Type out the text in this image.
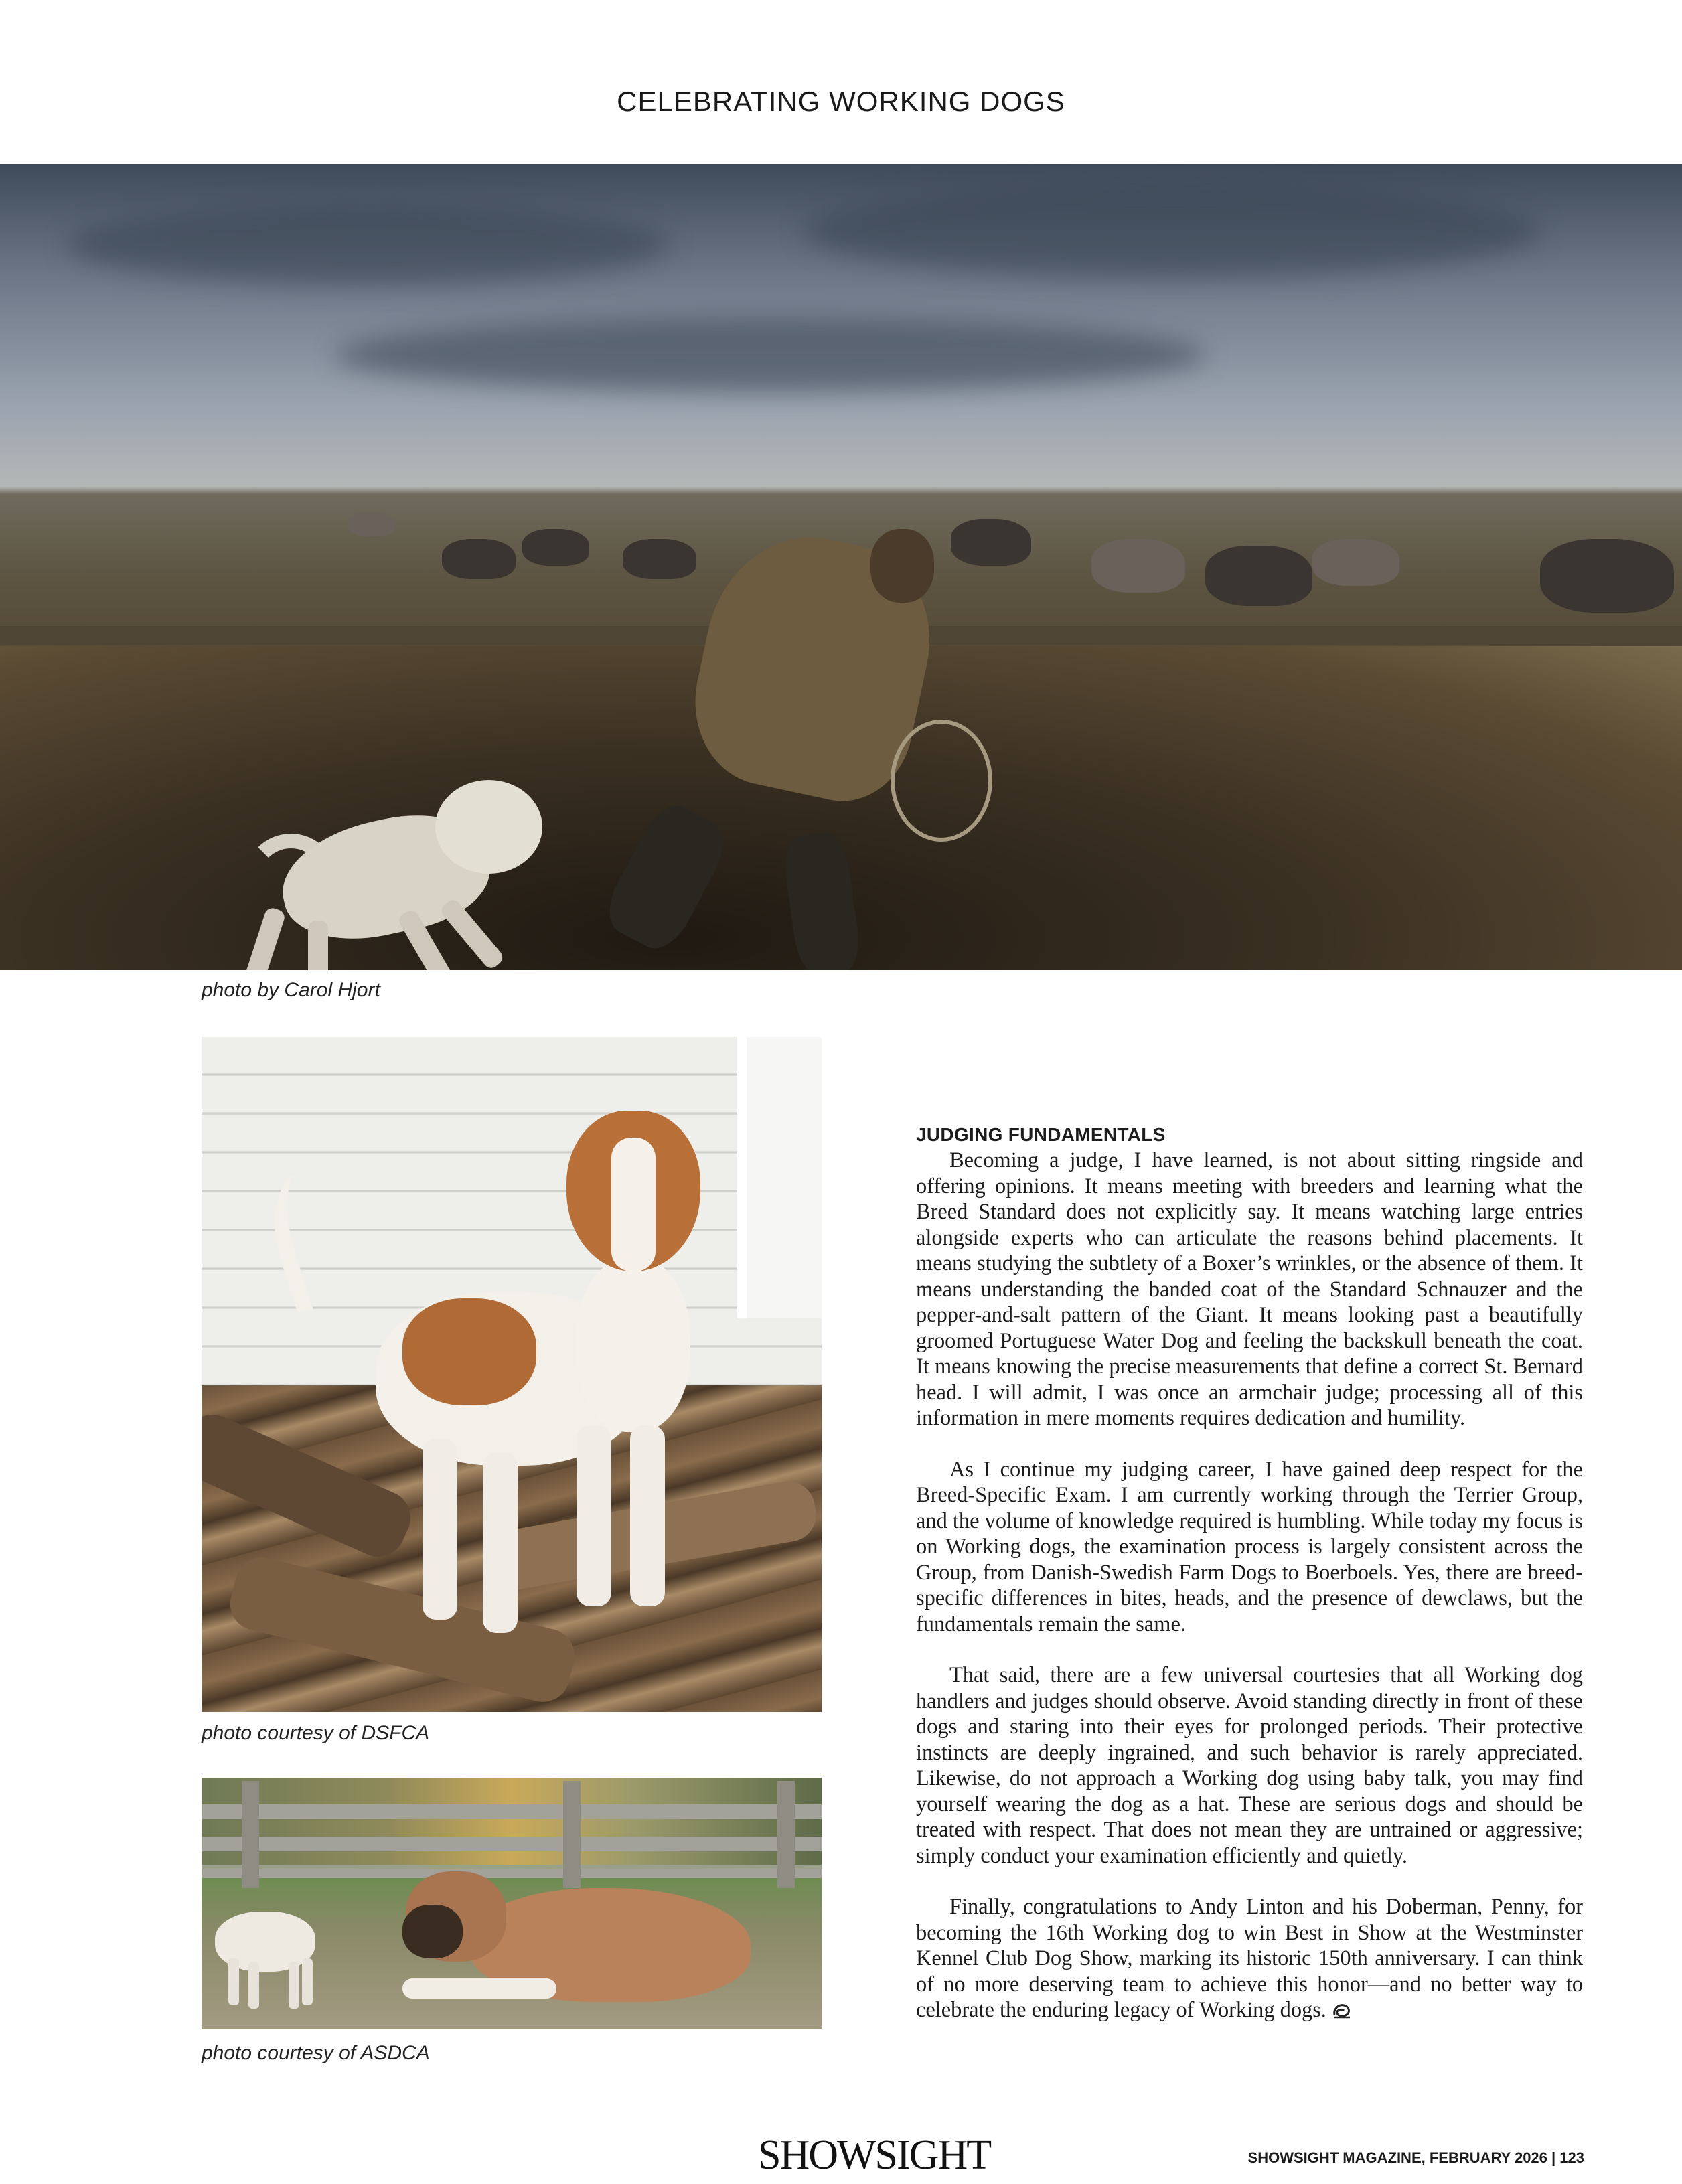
CELEBRATING WORKING DOGS
photo by Carol Hjort
photo courtesy of DSFCA
photo courtesy of ASDCA
JUDGING FUNDAMENTALS

Becoming a judge, I have learned, is not about sitting ringside and offering opinions. It means meeting with breeders and learning what the Breed Standard does not explicitly say. It means watching large entries alongside experts who can articulate the reasons behind placements. It means studying the subtlety of a Boxer’s wrinkles, or the absence of them. It means understanding the banded coat of the Standard Schnauzer and the pepper-and-salt pattern of the Giant. It means looking past a beautifully groomed Portuguese Water Dog and feeling the backskull beneath the coat. It means knowing the precise measurements that define a correct St. Bernard head. I will admit, I was once an armchair judge; processing all of this information in mere moments requires dedication and humility.

As I continue my judging career, I have gained deep respect for the Breed-Specific Exam. I am currently working through the Terrier Group, and the volume of knowledge required is humbling. While today my focus is on Working dogs, the examination process is largely consistent across the Group, from Danish-Swedish Farm Dogs to Boerboels. Yes, there are breed-specific differences in bites, heads, and the presence of dewclaws, but the fundamentals remain the same.

That said, there are a few universal courtesies that all Working dog handlers and judges should observe. Avoid standing directly in front of these dogs and staring into their eyes for prolonged periods. Their protective instincts are deeply ingrained, and such behavior is rarely appreciated. Likewise, do not approach a Working dog using baby talk, you may find yourself wearing the dog as a hat. These are serious dogs and should be treated with respect. That does not mean they are untrained or aggressive; simply conduct your examination efficiently and quietly.

Finally, congratulations to Andy Linton and his Doberman, Penny, for becoming the 16th Working dog to win Best in Show at the Westminster Kennel Club Dog Show, marking its historic 150th anniversary. I can think of no more deserving team to achieve this honor—and no better way to celebrate the enduring legacy of Working dogs.

SHOWSIGHT	SHOWSIGHT MAGAZINE, FEBRUARY 2026 | 123
